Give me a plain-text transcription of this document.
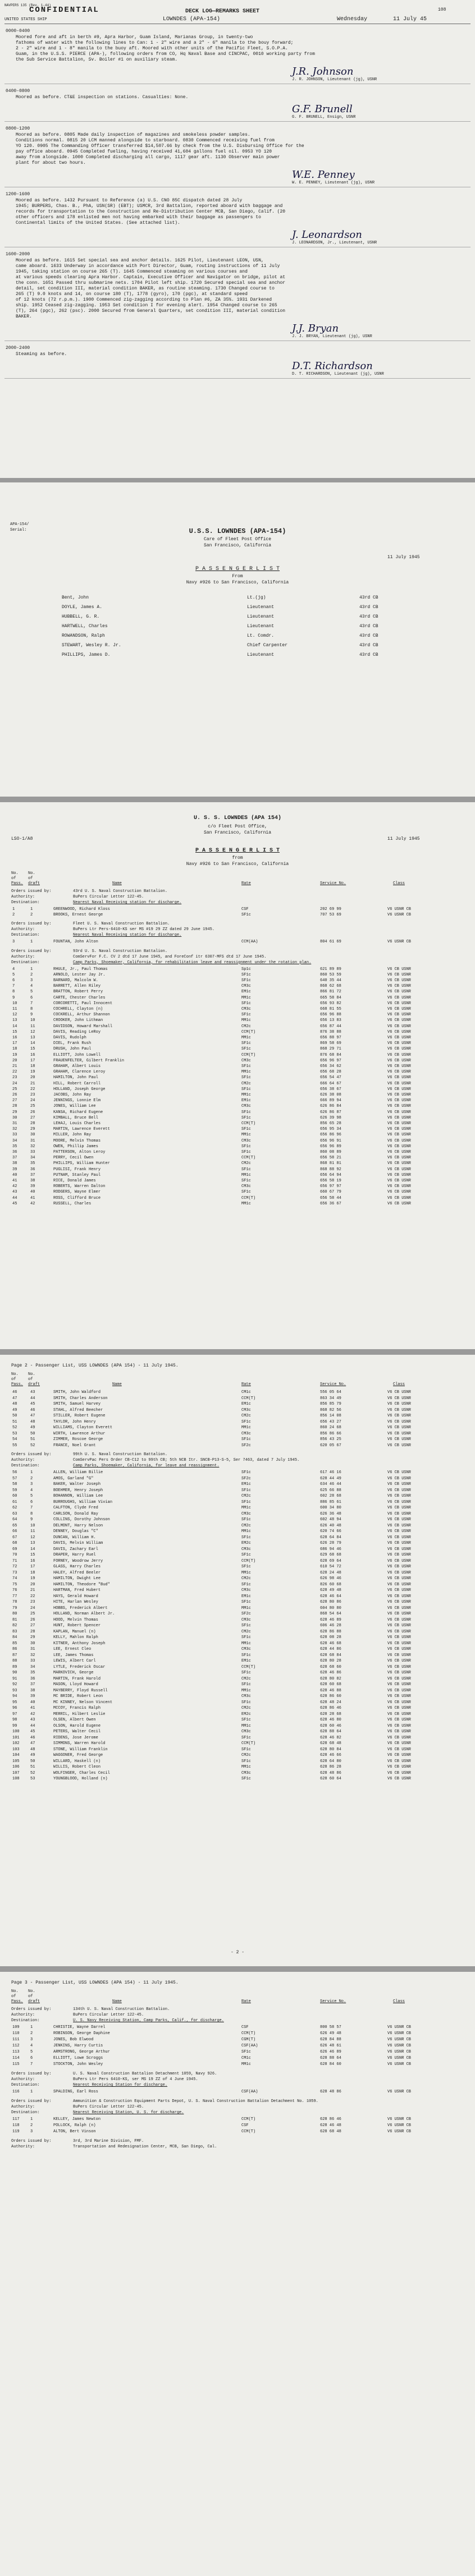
NAVPERS 135 (Rev. 1-44)
CONFIDENTIAL	DECK LOG—REMARKS SHEET	108
UNITED STATES SHIP	LOWNDES (APA-154)	Wednesday	11 July 45
0000-0400
Moored fore and aft in berth #9, Apra Harbor, Guam Island, Marianas Group, in twenty-two
fathoms of water with the following lines to Can: 1 - 2" wire and a 2" - 6" manila to the bouy forward;
2 - 2" wire and 1 - 8" manila to the buoy aft. Moored with other units of the Pacific Fleet, S.O.P.A.
Guam, in the U.S.S. PIERCE (APA-), following orders from CO, Hq Naval Base and CINCPAC, 0010 working party from
the Sub Service Battalion, Sv. Boiler #1 on auxiliary steam.
J.R. Johnson
J. R. JOHNSON, Lieutenant (jg), USNR
0400-0800
Moored as before. CT&E inspection on stations. Casualties: None.
G.F. Brunell
G. F. BRUNELL, Ensign, USNR
0800-1200
Moored as before. 0805 Made daily inspection of magazines and smokeless powder samples.
Conditions normal. 0815 20 LCM manned alongside to starboard. 0830 Commenced receiving fuel from
YO 120. 0905 The Commanding Officer transferred $14,507.66 by check from the U.S. Disbursing Office for the
pay office aboard. 0945 Completed fueling, having received 41,604 gallons fuel oil. 0953 YO 120
away from alongside. 1000 Completed discharging all cargo, 1117 gear aft. 1130 Observer main power
plant for about two hours.
W.E. Penney
W. E. PENNEY, Lieutenant (jg), USNR
1200-1600
Moored as before. 1432 Pursuant to Reference (a) U.S. CNO 85C dispatch dated 28 July
1945; BURPERS, Chas. B., PhA, USN(SR) (EBT); USMCR, 3rd Battalion, reported aboard with baggage and
records for transportation to the Construction and Re-Distribution Center MCB, San Diego, Calif. (20
other officers and 178 enlisted men not having embarked with their baggage as passengers to
Continental limits of the United States. (See attached list).
J. Leonardson
J. LEONARDSON, Jr., Lieutenant, USNR
1600-2000
Moored as before. 1615 Set special sea and anchor details. 1625 Pilot, Lieutenant LEON, USN,
came aboard. 1633 Underway in accordance with Port Director, Guam, routing instructions of 11 July
1945, taking station on course 265 (T). 1645 Commenced steaming on various courses and
at various speeds clearing Apra Harbor. Captain, Executive Officer and Navigator on bridge, pilot at
the conn. 1651 Passed thru submarine nets. 1704 Pilot left ship. 1720 Secured special sea and anchor
detail, set condition III, material condition BAKER, as routine steaming. 1730 Changed course to
265 (T) 9.0 knots and 14, on course 180 (T), 1778 (gyro), 170 (pgc), at standard speed
of 12 knots (72 r.p.m.). 1900 Commenced zig-zagging according to Plan #6, ZA 35%. 1931 Darkened
ship. 1952 Ceased zig-zagging. 1953 Set condition I for evening alert. 1954 Changed course to 265
(T), 264 (pgc), 262 (psc). 2000 Secured from General Quarters, set condition III, material condition
BAKER.
J.J. Bryan
J. J. BRYAN, Lieutenant (jg), USNR
2000-2400
Steaming as before.
D.T. Richardson
D. T. RICHARDSON, Lieutenant (jg), USNR
APA-154/
Serial:	U.S.S. LOWNDES (APA-154)
Care of Fleet Post Office
San Francisco, California
11 July 1945
P A S S E N G E R L I S T
From
Navy #926 to San Francisco, California
Bent, John	Lt.(jg)	43rd CB
DOYLE, James A.	Lieutenant	43rd CB
HUBBELL, G. R.	Lieutenant	43rd CB
HARTWELL, Charles	Lieutenant	43rd CB
ROWANDSON, Ralph	Lt. Comdr.	43rd CB
STEWART, Wesley R. Jr.	Chief Carpenter	43rd CB
PHILLIPS, James D.	Lieutenant	43rd CB
LSO-1/A8
U. S. S. LOWNDES (APA 154)
c/o Fleet Post Office,
San Francisco, California
11 July 1945
P A S S E N G E R L I S T
from
Navy #926 to San Francisco, California
No. No.
of	of
Pass. draft	Name	Rate	Service No.	Class
Orders issued by:	43rd U. S. Naval Construction Battalion.
Authority:	BuPers Circular Letter 122-45.
Destination:	Nearest Naval Receiving station for discharge.
1	1	GREENWOOD, Richard Kloss	CSF	202 69 99	V6 USNR CB
2	2	BROOKS, Ernest George	SF1c	707 53 69	V6 USNR CB
Orders issued by:	Fleet U. S. Naval Construction Battalion.
Authority:	BuPers Ltr Pers-6410-KS ser MS #19 29 ZZ dated 29 June 1945.
Destination:	Nearest Naval Receiving station for discharge.
3	1	FOUNTAN, John Alton	CCM(AA)	804 61 69	V6 USNR CB
Orders issued by:	93rd U. S. Naval Construction Battalion.
Authority:	ComServFor F.C. CV 2 dtd 17 June 1945, and ForeConf itr 6307-MFS dtd 17 June 1945.
Destination:	Camp Parks, Shoemaker, California, for rehabilitation leave and reassignment under the rotation plan.
4	1	RHULE, Jr., Paul Thomas	Sp1c	621 89 89	V6 CB USNR
5	2	ARNOLD, Lester Jay Jr.	SF1c	860 53 59	V6 CB USNR
6	3	BARNARD, Malcolm W.	SF1c	640 35 44	V6 CB USNR
7	4	BARRETT, Allen Riley	CM3c	868 62 68	V6 CB USNR
8	5	BRATTON, Robert Perry	EM1c	866 81 72	V6 CB USNR
9	6	CARTE, Chester Charles	MM1c	665 58 84	V6 CB USNR
10	7	CORCORETTI, Paul Innocent	SF1c	656 93 82	V6 CB USNR
11	8	COCHRELL, Clayton (n)	CM3c	668 81 55	V6 CB USNR
12	9	COCKRELL, Arthur Shannon	SF1c	656 96 88	V6 CB USNR
13	10	CROOKER, John Lithman	MM1c	656 13 83	V6 CB USNR
14	11	DAVIDSON, Howard Marshall	CM2c	656 87 44	V6 CB USNR
15	12	DAVIS, Reading LeRoy	CCM(T)	876 38 88	V6 CB USNR
16	13	DAVIS, Rudolph	MM1c	656 88 97	V6 CB USNR
17	14	DIEL, Frank Rush	SF1c	869 58 69	V6 CB USNR
18	15	DRUSH, John Paul	SF1c	868 29 71	V6 CB USNR
19	16	ELLIOTT, John Lowell	CCM(T)	876 68 84	V6 CB USNR
20	17	FRAUENFELTER, Gilbert Franklin	CM3c	656 96 97	V6 CB USNR
21	18	GRAHAM, Albert Louis	SF1c	656 34 62	V6 CB USNR
22	19	GRAHAM, Clarence Leroy	MM1c	656 68 28	V6 CB USNR
23	20	HAMILTON, John Paul	SF1c	656 54 47	V6 CB USNR
24	21	HILL, Robert Carroll	CM2c	666 64 67	V6 CB USNR
25	22	HOLLAND, Joseph George	SF1c	656 38 67	V6 CB USNR
26	23	JACOBS, John Ray	MM1c	626 38 08	V6 CB USNR
27	24	JENNINGS, Lonnie Elm	EM1c	666 89 94	V6 CB USNR
28	25	JONES, William Lee	CM3c	626 86 84	V6 CB USNR
29	26	KANSA, Richard Eugene	SF1c	626 86 87	V6 CB USNR
30	27	KIMBALL, Bruce Bell	SF1c	626 39 98	V6 CB USNR
31	28	LEHAJ, Louis Charles	CCM(T)	856 65 28	V6 CB USNR
32	29	MARTIN, Lawrence Everett	SF1c	656 95 34	V6 CB USNR
33	30	MILLER, John Ray	MM1c	656 86 96	V6 CB USNR
34	31	MOORE, Melvin Thomas	CM3c	656 96 91	V6 CB USNR
35	32	OWEN, Phillip James	SF1c	656 96 89	V6 CB USNR
36	33	PATTERSON, Alton Leroy	SF1c	860 08 89	V6 CB USNR
37	34	PERRY, Cecil Owen	CCM(T)	656 58 21	V6 CB USNR
38	35	PHILLIPS, William Hunter	CM2c	868 81 81	V6 CB USNR
39	36	PUGLISI, Frank Henry	SF1c	868 88 92	V6 CB USNR
40	37	PUTNAM, Stanley Paul	MM1c	656 64 94	V6 CB USNR
41	38	RICE, Donald James	SF1c	656 58 19	V6 CB USNR
42	39	ROBERTS, Warren Dalton	CM3c	656 97 97	V6 CB USNR
43	40	RODGERS, Wayne Elmer	SF1c	660 67 79	V6 CB USNR
44	41	ROSS, Clifford Bruce	CCM(T)	656 58 44	V6 CB USNR
45	42	RUSSELL, Charles	MM1c	656 36 67	V6 CB USNR
Page 2 - Passenger List, USS LOWNDES (APA 154) - 11 July 1945.
No. No.
of	of
Pass. draft	Name	Rate	Service No.	Class
46	43	SMITH, John Waldford	CM1c	556 05 64	V6 CB USNR
47	44	SMITH, Charles Anderson	CCM(T)	863 34 49	V6 CB USNR
48	45	SMITH, Samuel Harvey	EM1c	856 85 79	V6 CB USNR
49	46	STAHL, Alfred Beecher	CM3c	868 82 56	V6 CB USNR
50	47	STILLER, Robert Eugene	CM2c	856 14 08	V6 CB USNR
51	48	TAYLOR, John Henry	SF1c	656 43 27	V6 CB USNR
52	49	WILLIAMS, Clayton Everett	MM1c	860 24 68	V6 CB USNR
53	50	WIRTH, Lawrence Arthur	CM3c	856 86 66	V6 CB USNR
54	51	ZIMMER, Roscoe George	SF1c	856 43 25	V6 CB USNR
55	52	FRANCE, Noel Grant	SF2c	620 05 67	V6 CB USNR
Orders issued by:	99th U. S. Naval Construction Battalion.
Authority:	ComServPac Pers Order CB-C12 to 99th CB; 5th NCB Itr. SNCB-P13-S-5, Ser 7463, dated 7 July 1945.
Destination:	Camp Parks, Shoemaker, California, for leave and reassignment.
56	1	ALLEN, William Billie	SF1c	617 46 16	V6 CB USNR
57	2	AMOS, Garland "G"	SF2c	628 44 49	V6 CB USNR
58	3	BAKER, Walter Joseph	EM1c	634 46 44	V6 CB USNR
59	4	BOEHMER, Henry Joseph	SF1c	625 66 88	V6 CB USNR
60	5	BOHANNON, William Lee	CM2c	602 28 68	V6 CB USNR
61	6	BURROUGHS, William Vivian	SF1c	886 85 61	V6 CB USNR
62	7	CALFTON, Clyde Fred	MM1c	600 34 80	V6 CB USNR
63	8	CARLSON, Donald Ray	CM3c	626 36 48	V6 CB USNR
64	9	COLLINS, Dorothy Johnson	SF1c	602 48 94	V6 CB USNR
65	10	DELMONT, Harry Nelson	CM2c	626 40 48	V6 CB USNR
66	11	DENNEY, Douglas "C"	MM1c	620 74 66	V6 CB USNR
67	12	DUNCAN, William H.	SF1c	628 64 84	V6 CB USNR
68	13	DAVIS, Melvin William	EM2c	626 28 79	V6 CB USNR
69	14	DAVIS, Zachary Earl	CM3c	686 94 46	V6 CB USNR
70	15	DRAPER, Harry Ruel	SF1c	629 68 68	V6 CB USNR
71	16	FORNEY, Woodrow Jerry	CCM(T)	628 69 64	V6 CB USNR
72	17	GLASS, Harry Charles	SF1c	610 54 72	V6 CB USNR
73	18	HALEY, Alfred Beeler	MM1c	628 24 48	V6 CB USNR
74	19	HAMILTON, Dwight Lee	CM2c	626 98 46	V6 CB USNR
75	20	HAMILTON, Theodore "Bud"	SF1c	826 60 68	V6 CB USNR
76	21	HARTMAN, Fred Hubert	CM3c	628 49 48	V6 CB USNR
77	22	HAYS, Gerald Howard	EM1c	628 46 64	V6 CB USNR
78	23	HITE, Harlan Wesley	SF1c	628 80 86	V6 CB USNR
79	24	HOBBS, Frederick Albert	MM1c	604 80 80	V6 CB USNR
80	25	HOLLAND, Norman Albert Jr.	SF2c	868 54 64	V6 CB USNR
81	26	HOOD, Melvin Thomas	CM3c	628 46 89	V6 CB USNR
82	27	HUNT, Robert Spencer	SF1c	606 46 28	V6 CB USNR
83	28	KAPLAN, Manuel (n)	CM2c	628 86 88	V6 CB USNR
84	29	KELLY, Mahlon Ralph	SF1c	628 08 28	V6 CB USNR
85	30	KITNER, Anthony Joseph	MM1c	628 46 68	V6 CB USNR
86	31	LEE, Ernest Cleo	CM3c	628 44 86	V6 CB USNR
87	32	LEE, James Thomas	SF1c	628 68 84	V6 CB USNR
88	33	LEWIS, Albert Carl	EM1c	628 80 28	V6 CB USNR
89	34	LYTLE, Frederick Oscar	CCM(T)	628 68 60	V6 CB USNR
90	35	MARKOVICH, George	SF1c	628 46 86	V6 CB USNR
91	36	MARTIN, Frank Harold	CM2c	628 80 82	V6 CB USNR
92	37	MASON, Lloyd Howard	SF1c	628 60 68	V6 CB USNR
93	38	MAYBERRY, Floyd Russell	MM1c	628 46 88	V6 CB USNR
94	39	MC BRIDE, Robert Leon	CM3c	628 86 60	V6 CB USNR
95	40	MC KINNEY, Nelson Vincent	SF1c	628 48 24	V6 CB USNR
96	41	MCCOY, Francis Ralph	CM2c	628 86 46	V6 CB USNR
97	42	MERRIL, Hilbert Leslie	EM2c	628 28 68	V6 CB USNR
98	43	OLSEN, Albert Owen	SF1c	628 46 80	V6 CB USNR
99	44	OLSON, Harold Eugene	MM1c	628 60 46	V6 CB USNR
100	45	PETERS, Walter Cecil	CM3c	628 88 64	V6 CB USNR
101	46	RIDENS, Jose Jerome	SF1c	628 46 82	V6 CB USNR
102	47	SIMMONS, Warren Harold	CCM(T)	628 68 48	V6 CB USNR
103	48	STONE, William Franklin	SF1c	628 80 84	V6 CB USNR
104	49	WAGGONER, Fred George	CM2c	628 46 66	V6 CB USNR
105	50	WILLARD, Haskell (n)	SF1c	628 64 80	V6 CB USNR
106	51	WILLIS, Robert Cleon	MM1c	628 86 28	V6 CB USNR
107	52	WOLFINGER, Charles Cecil	CM3c	628 48 86	V6 CB USNR
108	53	YOUNGBLOOD, Holland (n)	SF1c	628 60 64	V6 CB USNR
- 2 -
Page 3 - Passenger List, USS LOWNDES (APA 154) - 11 July 1945.
No. No.
of	of
Pass. draft	Name	Rate	Service No.	Class
Orders issued by:	134th U. S. Naval Construction Battalion.
Authority:	BuPers Circular Letter 122-45.
Destination:	U. S. Navy Receiving Station, Camp Parks, Calif., for discharge.
109	1	CHRISTIE, Wayne Darrel	CSF	800 58 57	V6 USNR CB
110	2	ROBINSON, George Daphine	CCM(T)	626 49 48	V6 USNR CB
111	3	JONES, Bob Elwood	CGM(T)	628 84 88	V6 USNR CB
112	4	JENKINS, Harry Curtis	CSF(AA)	626 48 61	V6 USNR CB
113	5	ARMSTRONG, George Arthur	SF1c	626 46 89	V6 USNR CB
114	6	ELLIOTT, Lowe Scroggs	CM1c	628 88 64	V6 USNR CB
115	7	STOCKTON, John Wesley	MM1c	628 84 60	V6 USNR CB
Orders issued by:	U. S. Naval Construction Battalion Detachment 1059, Navy 926.
Authority:	BuPers Ltr Pers 6410-KS, ser MS 19 ZZ of 4 June 1945.
Destination:	Nearest Receiving Station for discharge.
116	1	SPALDING, Earl Ross	CSF(AA)	628 48 86	V6 USNR CB
Orders issued by:	Ammunition & Construction Equipment Parts Depot, U. S. Naval Construction Battalion Detachment No. 1059.
Authority:	BuPers Circular Letter 122-45.
Destination:	Nearest Receiving Station, U. S. for discharge.
117	1	KELLEY, James Newton	CCM(T)	628 86 46	V6 USNR CB
118	2	POLLOCK, Ralph (n)	CSF	628 46 48	V6 USNR CB
119	3	ALTON, Bert Vinson	CCM(T)	628 68 48	V6 USNR CB
Orders issued by:	3rd, 3rd Marine Division, FMF.
Authority:	Transportation and Redesignation Center, MCB, San Diego, Cal.
